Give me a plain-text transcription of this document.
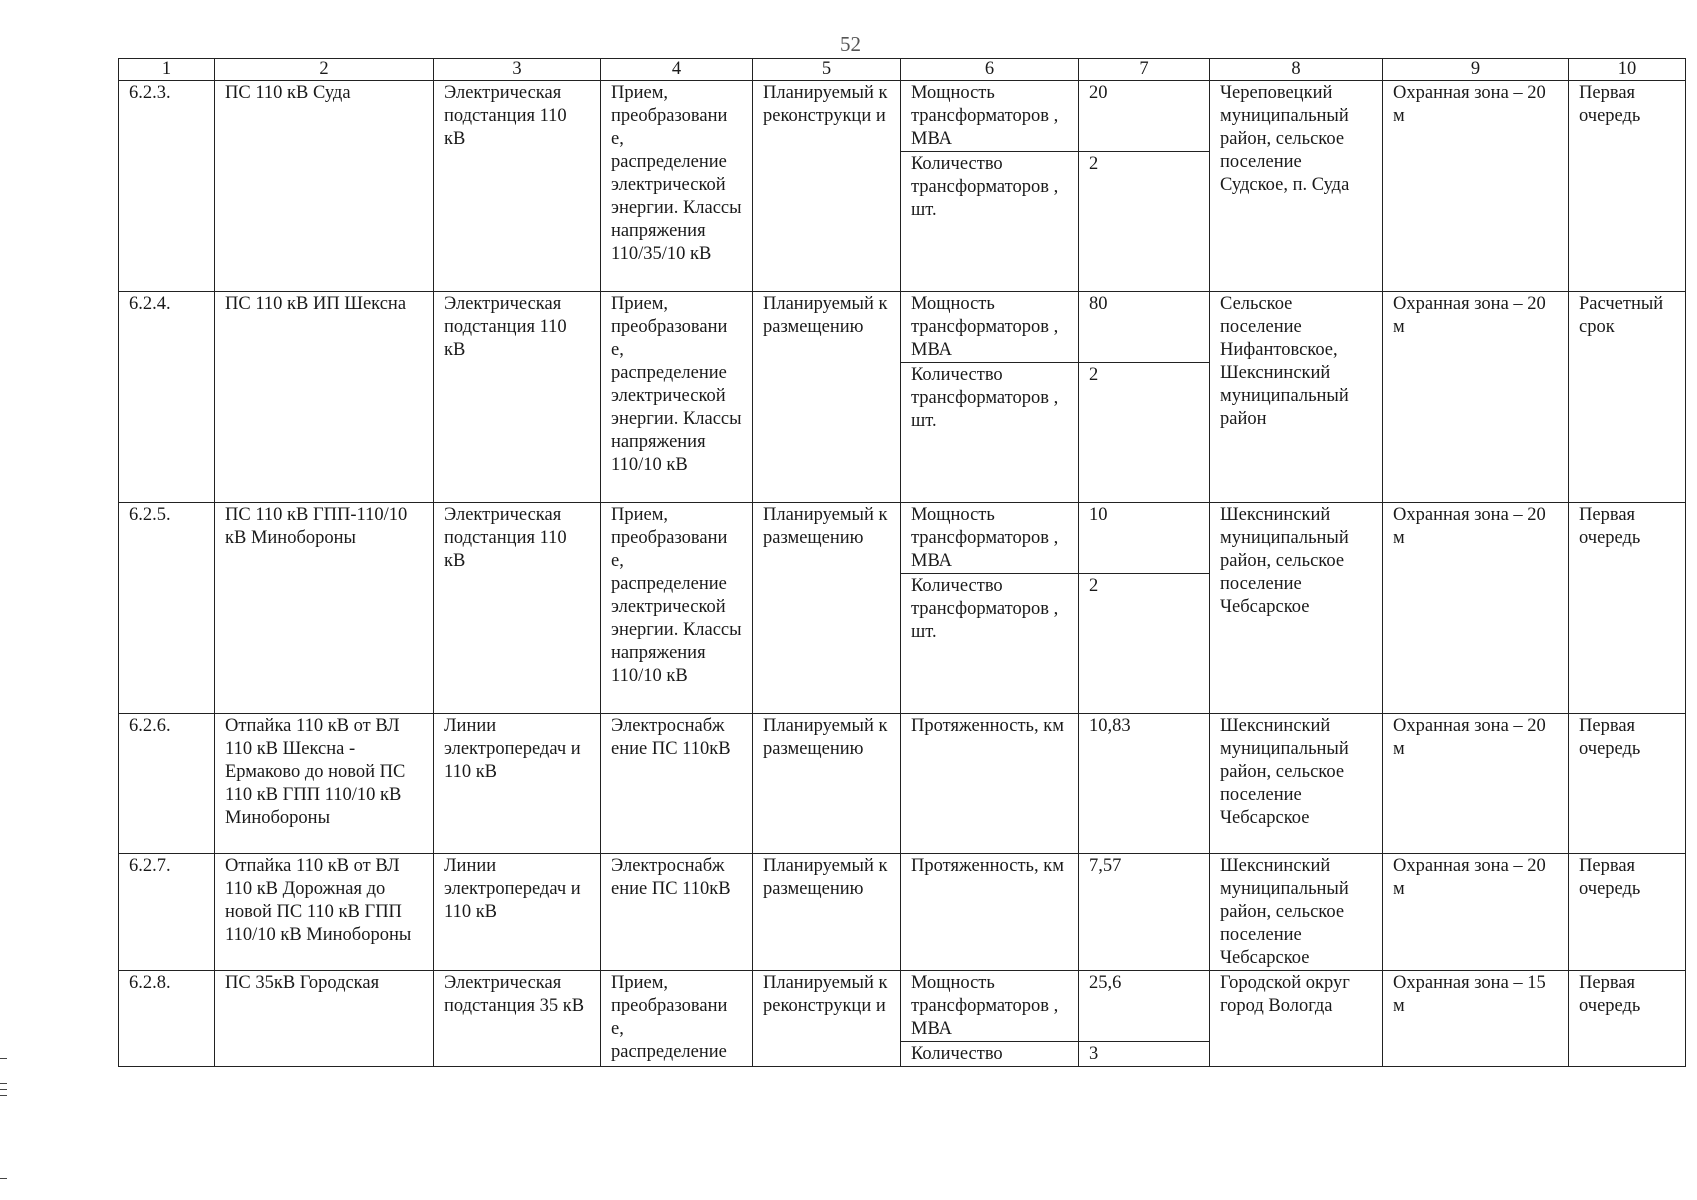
52
1	2	3	4	5	6	7	8	9	10
6.2.3.	ПС 110 кВ Суда	Электрическая подстанция 110 кВ	Прием, преобразовани е, распределение электрической энергии. Классы напряжения 110/35/10 кВ	Планируемый к реконструкци и	Мощность трансформаторов , МВА	20	Череповецкий муниципальный район, сельское поселение Судское, п. Суда	Охранная зона – 20 м	Первая очередь
					Количество трансформаторов , шт.	2			
6.2.4.	ПС 110 кВ ИП Шексна	Электрическая подстанция 110 кВ	Прием, преобразовани е, распределение электрической энергии. Классы напряжения 110/10 кВ	Планируемый к размещению	Мощность трансформаторов , МВА	80	Сельское поселение Нифантовское, Шекснинский муниципальный район	Охранная зона – 20 м	Расчетный срок
					Количество трансформаторов , шт.	2			
6.2.5.	ПС 110 кВ ГПП-110/10 кВ Минобороны	Электрическая подстанция 110 кВ	Прием, преобразовани е, распределение электрической энергии. Классы напряжения 110/10 кВ	Планируемый к размещению	Мощность трансформаторов , МВА	10	Шекснинский муниципальный район, сельское поселение Чебсарское	Охранная зона – 20 м	Первая очередь
					Количество трансформаторов , шт.	2			
6.2.6.	Отпайка 110 кВ от ВЛ 110 кВ Шексна - Ермаково до новой ПС 110 кВ ГПП 110/10 кВ Минобороны	Линии электропередач и 110 кВ	Электроснабж ение ПС 110кВ	Планируемый к размещению	Протяженность, км	10,83	Шекснинский муниципальный район, сельское поселение Чебсарское	Охранная зона – 20 м	Первая очередь
6.2.7.	Отпайка 110 кВ от ВЛ 110 кВ Дорожная до новой ПС 110 кВ ГПП 110/10 кВ Минобороны	Линии электропередач и 110 кВ	Электроснабж ение ПС 110кВ	Планируемый к размещению	Протяженность, км	7,57	Шекснинский муниципальный район, сельское поселение Чебсарское	Охранная зона – 20 м	Первая очередь
6.2.8.	ПС 35кВ Городская	Электрическая подстанция 35 кВ	Прием, преобразовани е, распределение	Планируемый к реконструкци и	Мощность трансформаторов , МВА	25,6	Городской округ город Вологда	Охранная зона – 15 м	Первая очередь
					Количество	3			
